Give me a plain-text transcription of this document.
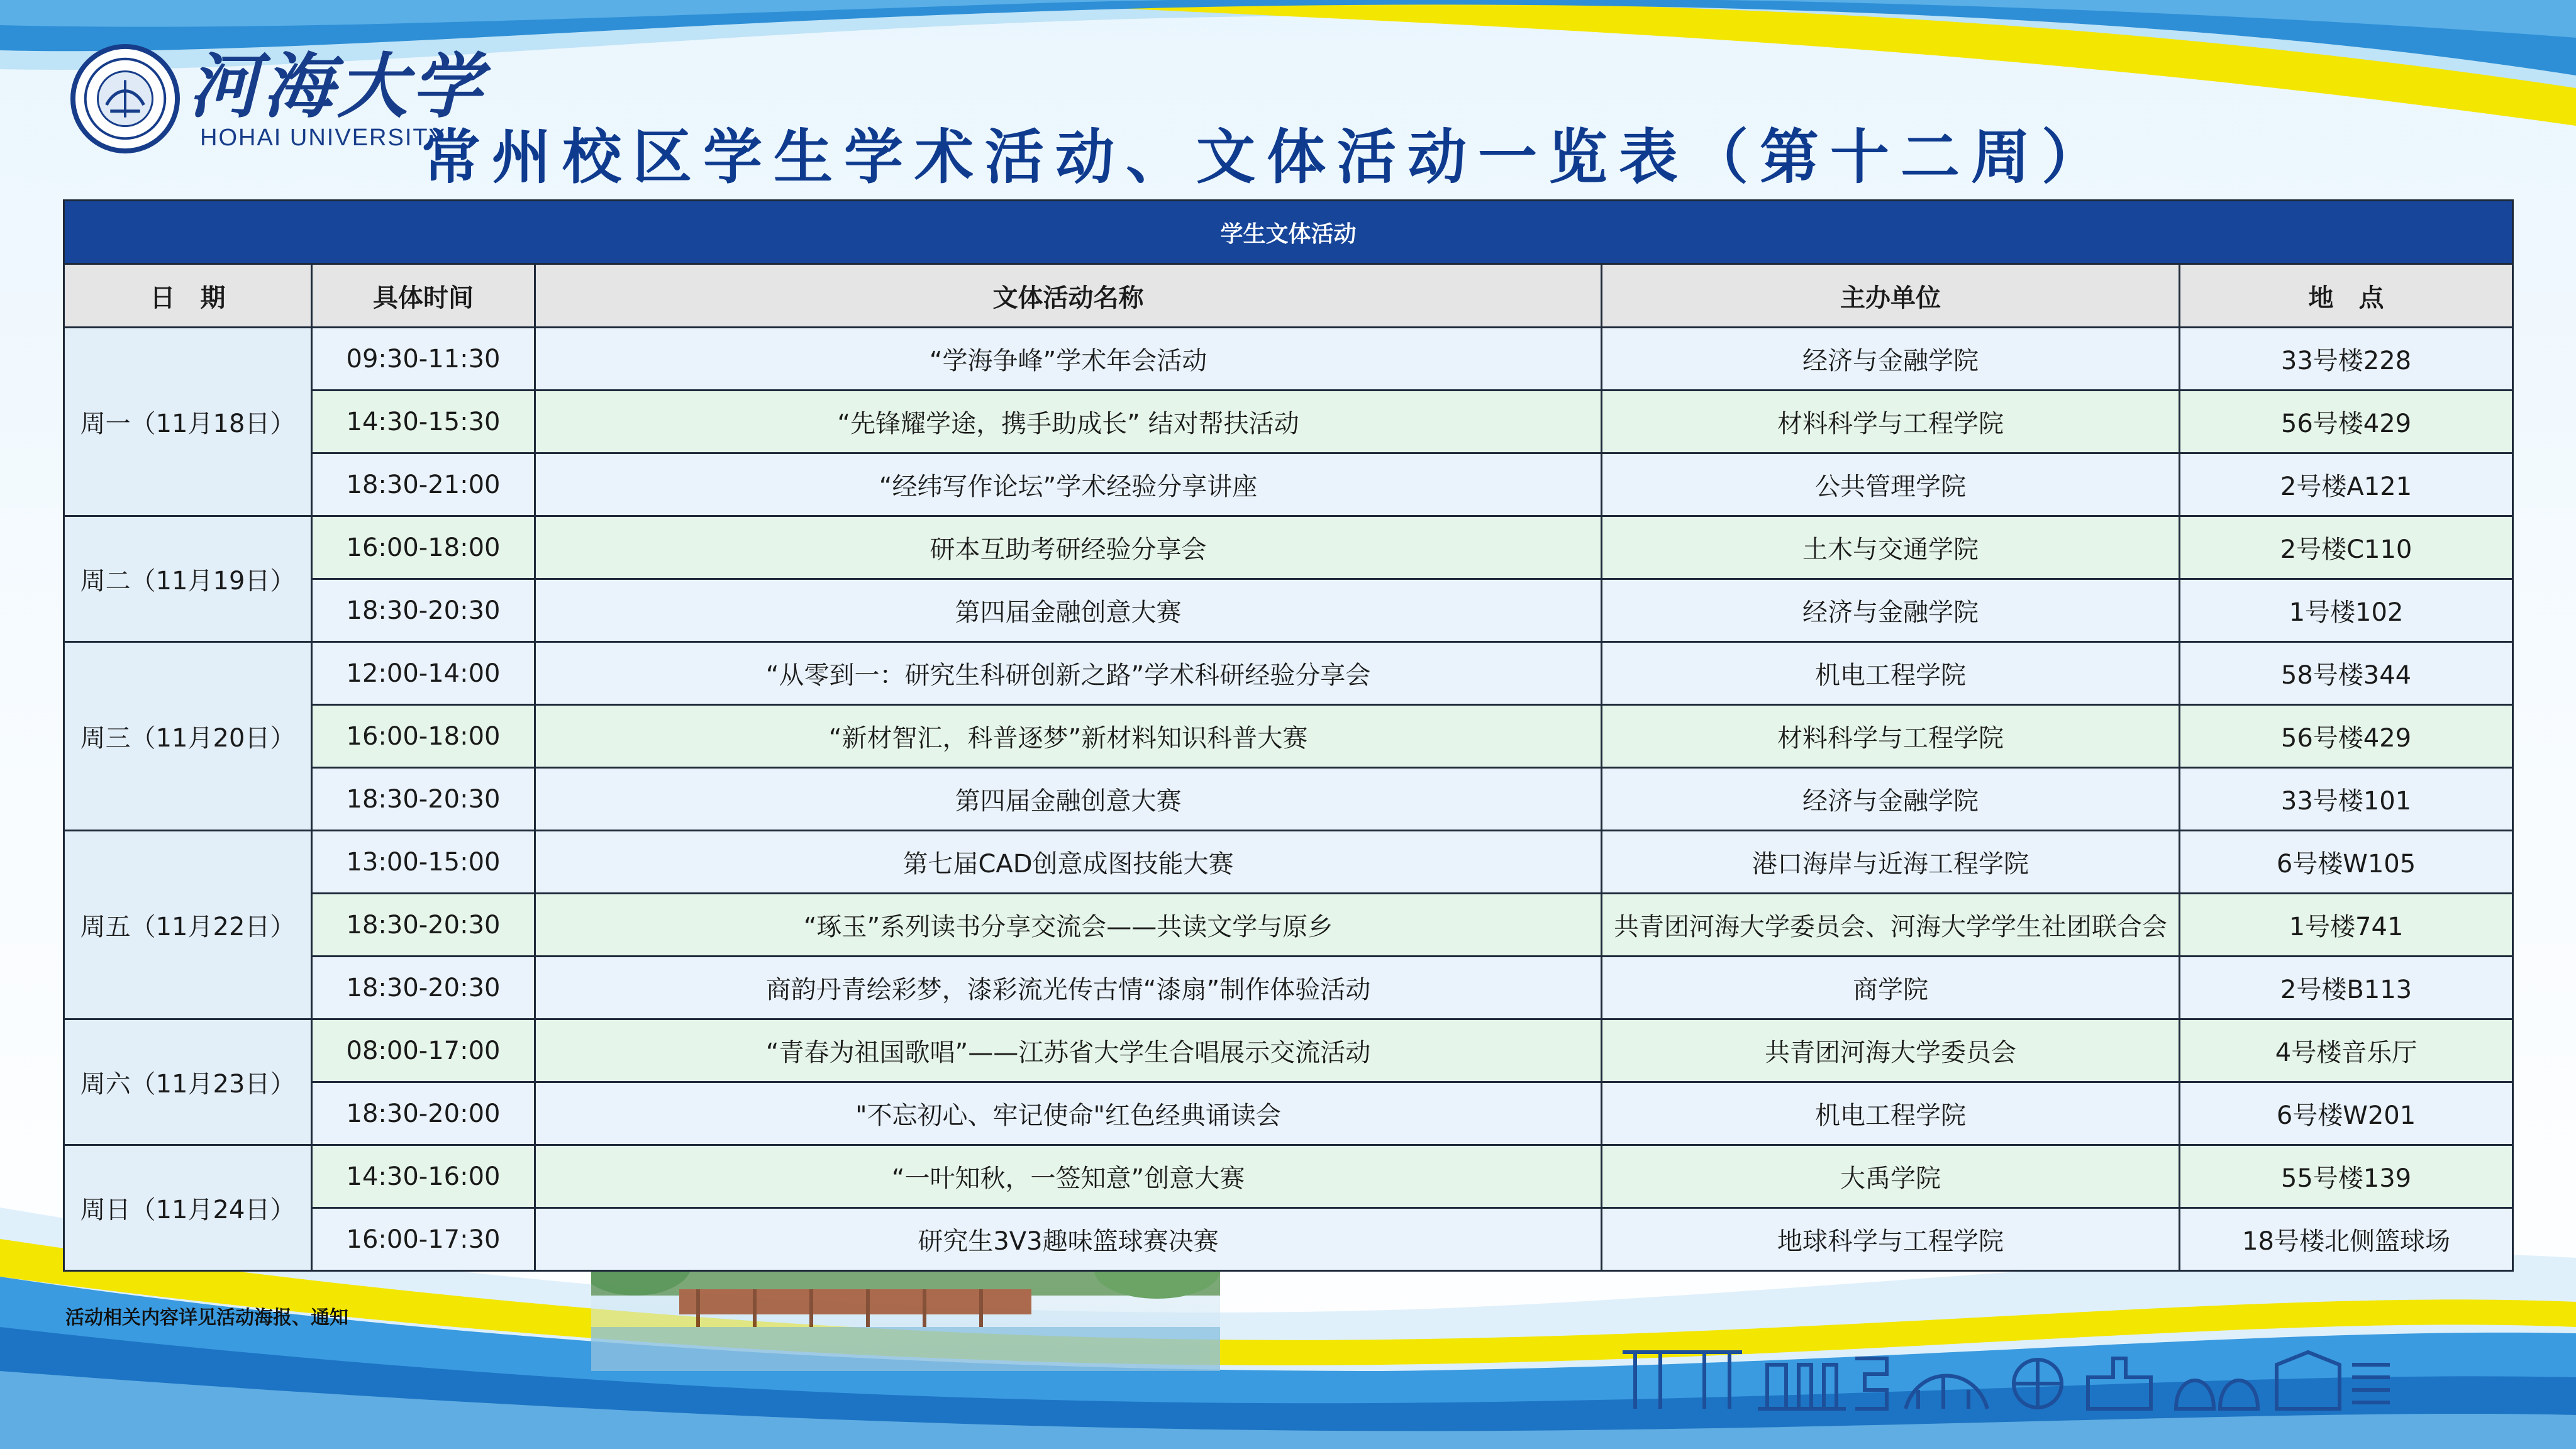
河海大学
HOHAI UNIVERSITY
常州校区学生学术活动、文体活动一览表（第十二周）
学生文体活动				
日　期	具体时间	文体活动名称	主办单位	地　点
周一（11月18日）	09:30-11:30	“学海争峰”学术年会活动	经济与金融学院	33号楼228
	14:30-15:30	“先锋耀学途，携手助成长” 结对帮扶活动	材料科学与工程学院	56号楼429
	18:30-21:00	“经纬写作论坛”学术经验分享讲座	公共管理学院	2号楼A121
周二（11月19日）	16:00-18:00	研本互助考研经验分享会	土木与交通学院	2号楼C110
	18:30-20:30	第四届金融创意大赛	经济与金融学院	1号楼102
周三（11月20日）	12:00-14:00	“从零到一：研究生科研创新之路”学术科研经验分享会	机电工程学院	58号楼344
	16:00-18:00	“新材智汇，科普逐梦”新材料知识科普大赛	材料科学与工程学院	56号楼429
	18:30-20:30	第四届金融创意大赛	经济与金融学院	33号楼101
周五（11月22日）	13:00-15:00	第七届CAD创意成图技能大赛	港口海岸与近海工程学院	6号楼W105
	18:30-20:30	“琢玉”系列读书分享交流会——共读文学与原乡	共青团河海大学委员会、河海大学学生社团联合会	1号楼741
	18:30-20:30	商韵丹青绘彩梦，漆彩流光传古情“漆扇”制作体验活动	商学院	2号楼B113
周六（11月23日）	08:00-17:00	“青春为祖国歌唱”——江苏省大学生合唱展示交流活动	共青团河海大学委员会	4号楼音乐厅
	18:30-20:00	"不忘初心、牢记使命"红色经典诵读会	机电工程学院	6号楼W201
周日（11月24日）	14:30-16:00	“一叶知秋，一签知意”创意大赛	大禹学院	55号楼139
	16:00-17:30	研究生3V3趣味篮球赛决赛	地球科学与工程学院	18号楼北侧篮球场
活动相关内容详见活动海报、通知
